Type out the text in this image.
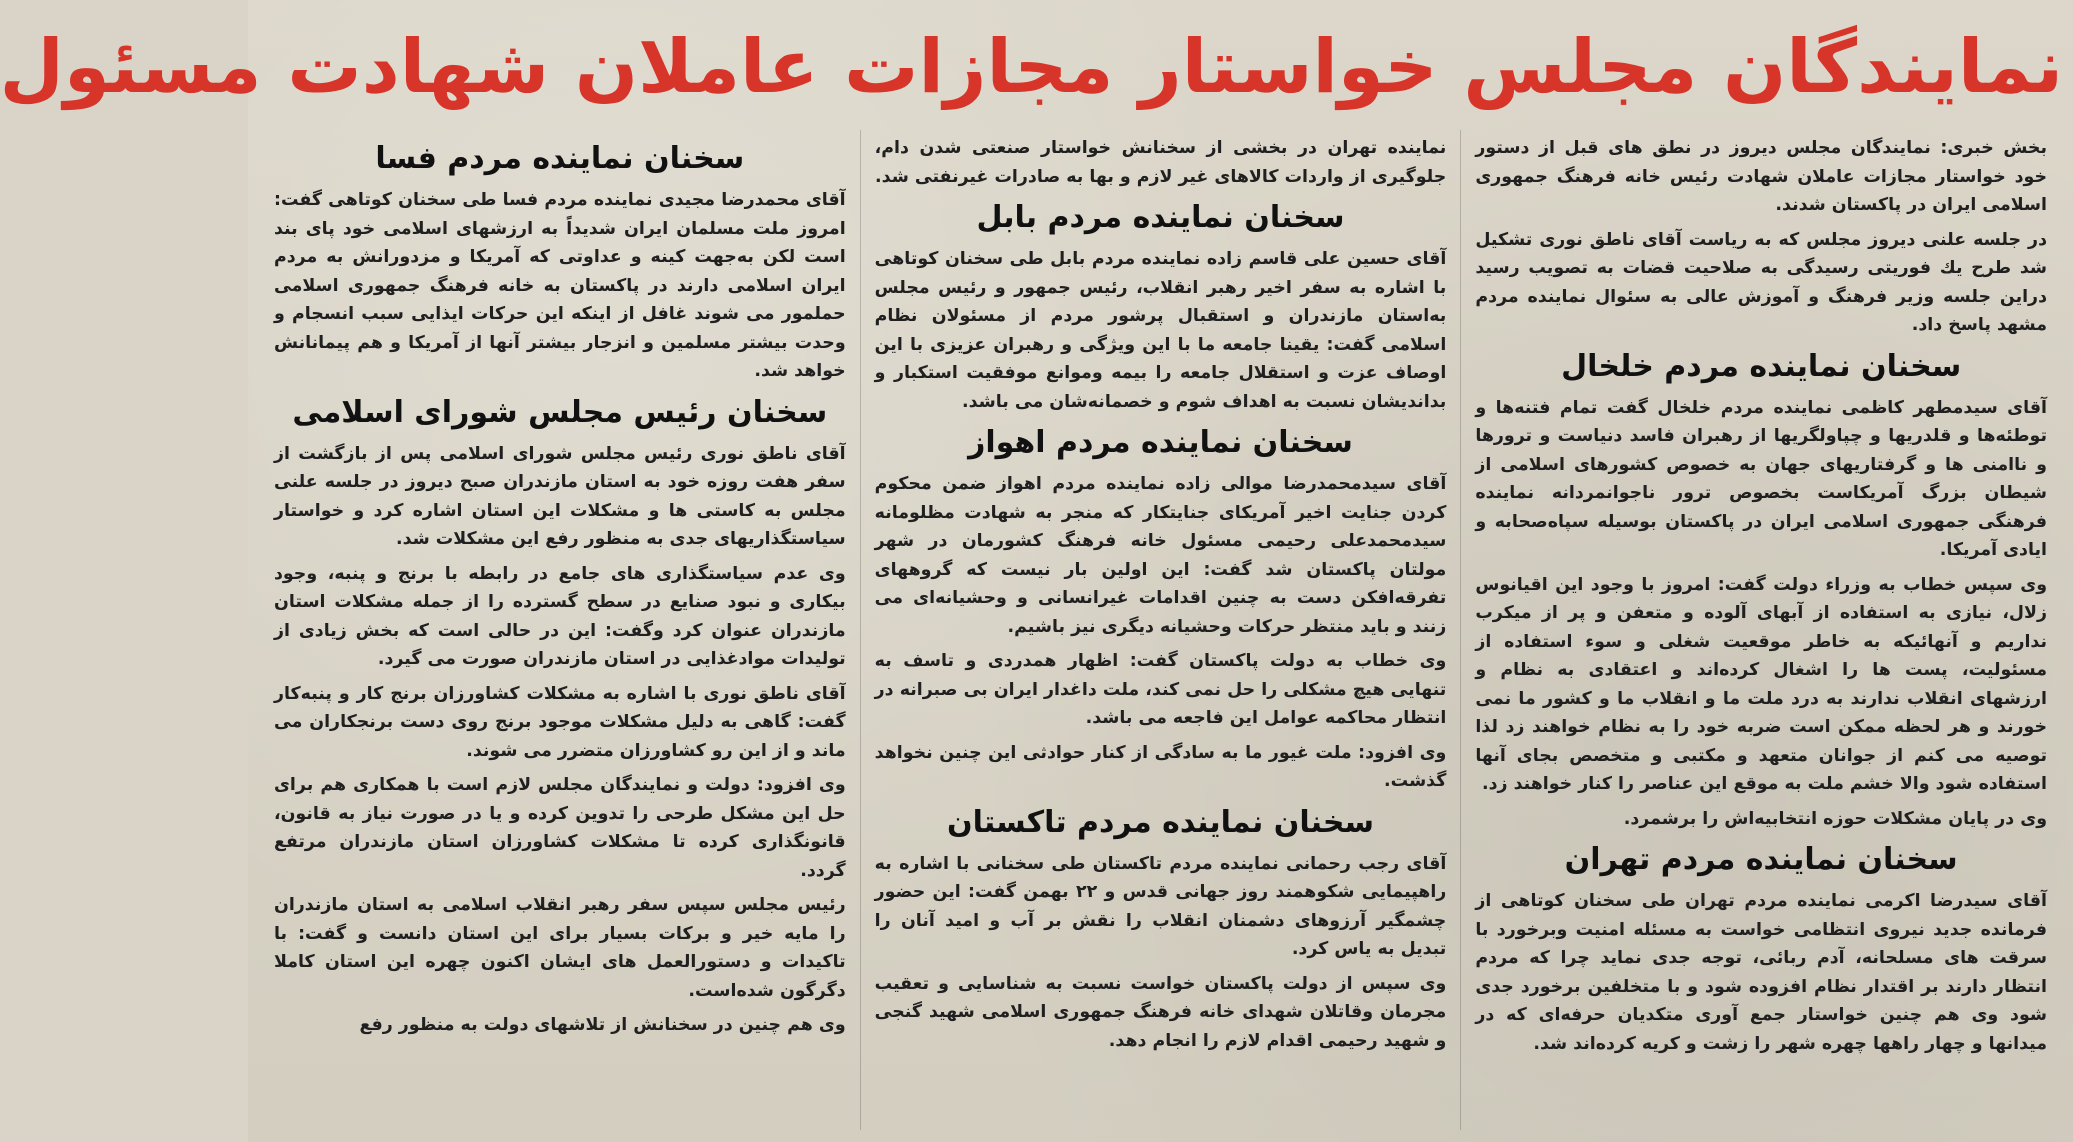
نمایندگان مجلس خواستار مجازات عاملان شهادت مسئول

بخش خبری: نمایندگان مجلس دیروز در نطق های قبل از دستور خود خواستار مجازات عاملان شهادت رئیس خانه فرهنگ جمهوری اسلامی ایران در پاکستان شدند.

در جلسه علنی دیروز مجلس که به ریاست آقای ناطق نوری تشکیل شد طرح یك فوریتی رسیدگی به صلاحیت قضات به تصویب رسید دراین جلسه وزیر فرهنگ و آموزش عالی به سئوال نماینده مردم مشهد پاسخ داد.

سخنان نماینده مردم خلخال

آقای سیدمطهر کاظمی نماینده مردم خلخال گفت تمام فتنه‌ها و توطئه‌ها و قلدریها و چپاولگریها از رهبران فاسد دنیاست و ترورها و ناامنی ها و گرفتاریهای جهان به خصوص کشورهای اسلامی از شیطان بزرگ آمریکاست بخصوص ترور ناجوانمردانه نماینده فرهنگی جمهوری اسلامی ایران در پاکستان بوسیله سپاه‌صحابه و ایادی آمریکا.

وی سپس خطاب به وزراء دولت گفت: امروز با وجود این اقیانوس زلال، نیازی به استفاده از آبهای آلوده و متعفن و پر از میکرب نداریم و آنهائیکه به خاطر موقعیت شغلی و سوء استفاده از مسئولیت، پست ها را اشغال کرده‌اند و اعتقادی به نظام و ارزشهای انقلاب ندارند به درد ملت ما و انقلاب ما و کشور ما نمی خورند و هر لحظه ممکن است ضربه خود را به نظام خواهند زد لذا توصیه می کنم از جوانان متعهد و مکتبی و متخصص بجای آنها استفاده شود والا خشم ملت به موقع این عناصر را کنار خواهند زد.

وی در پایان مشکلات حوزه انتخابیه‌اش را برشمرد.

سخنان نماینده مردم تهران

آقای سیدرضا اکرمی نماینده مردم تهران طی سخنان کوتاهی از فرمانده جدید نیروی انتظامی خواست به مسئله امنیت وبرخورد با سرقت های مسلحانه، آدم ربائی، توجه جدی نماید چرا که مردم انتظار دارند بر اقتدار نظام افزوده شود و با متخلفین برخورد جدی شود وی هم چنین خواستار جمع آوری متکدیان حرفه‌ای که در میدانها و چهار راهها چهره شهر را زشت و کریه کرده‌اند شد.

نماینده تهران در بخشی از سخنانش خواستار صنعتی شدن دام، جلوگیری از واردات کالاهای غیر لازم و بها به صادرات غیرنفتی شد.

سخنان نماینده مردم بابل

آقای حسین علی قاسم زاده نماینده مردم بابل طی سخنان کوتاهی با اشاره به سفر اخیر رهبر انقلاب، رئیس جمهور و رئیس مجلس به‌استان مازندران و استقبال پرشور مردم از مسئولان نظام اسلامی گفت: یقینا جامعه ما با این ویژگی و رهبران عزیزی با این اوصاف عزت و استقلال جامعه را بیمه وموانع موفقیت استکبار و بدانديشان نسبت به اهداف شوم و خصمانه‌شان می باشد.

سخنان نماینده مردم اهواز

آقای سیدمحمدرضا موالی زاده نماینده مردم اهواز ضمن محکوم کردن جنایت اخیر آمریکای جنایتکار که منجر به شهادت مظلومانه سیدمحمدعلی رحیمی مسئول خانه فرهنگ کشورمان در شهر مولتان پاکستان شد گفت: این اولین بار نیست که گروههای تفرقه‌افکن دست به چنین اقدامات غیرانسانی و وحشیانه‌ای می زنند و باید منتظر حرکات وحشیانه دیگری نیز باشیم.

وی خطاب به دولت پاکستان گفت: اظهار همدردی و تاسف به تنهایی هیچ مشکلی را حل نمی کند، ملت داغدار ایران بی صبرانه در انتظار محاکمه عوامل این فاجعه می باشد.

وی افزود: ملت غیور ما به سادگی از کنار حوادثی این چنین نخواهد گذشت.

سخنان نماینده مردم تاکستان

آقای رجب رحمانی نماینده مردم تاکستان طی سخنانی با اشاره به راهپیمایی شکوهمند روز جهانی قدس و ۲۲ بهمن گفت: این حضور چشمگیر آرزوهای دشمنان انقلاب را نقش بر آب و امید آنان را تبدیل به یاس کرد.

وی سپس از دولت پاکستان خواست نسبت به شناسایی و تعقیب مجرمان وقاتلان شهدای خانه فرهنگ جمهوری اسلامی شهید گنجی و شهید رحیمی اقدام لازم را انجام دهد.

سخنان نماینده مردم فسا

آقای محمدرضا مجیدی نماینده مردم فسا طی سخنان کوتاهی گفت: امروز ملت مسلمان ایران شدیداً به ارزشهای اسلامی خود پای بند است لکن به‌جهت کینه و عداوتی که آمریکا و مزدورانش به مردم ایران اسلامی دارند در پاکستان به خانه فرهنگ جمهوری اسلامی حملمور می شوند غافل از اینکه این حرکات ایذایی سبب انسجام و وحدت بیشتر مسلمین و انزجار بیشتر آنها از آمریکا و هم پیمانانش خواهد شد.

سخنان رئیس مجلس شورای اسلامی

آقای ناطق نوری رئیس مجلس شورای اسلامی پس از بازگشت از سفر هفت روزه خود به استان مازندران صبح دیروز در جلسه علنی مجلس به کاستی ها و مشکلات این استان اشاره کرد و خواستار سیاستگذاریهای جدی به منظور رفع این مشکلات شد.

وی عدم سیاستگذاری های جامع در رابطه با برنج و پنبه، وجود بیکاری و نبود صنایع در سطح گسترده را از جمله مشکلات استان مازندران عنوان کرد وگفت: این در حالی است که بخش زیادی از تولیدات موادغذایی در استان مازندران صورت می گیرد.

آقای ناطق نوری با اشاره به مشکلات کشاورزان برنج کار و پنبه‌کار گفت: گاهی به دلیل مشکلات موجود برنج روی دست برنجکاران می ماند و از این رو کشاورزان متضرر می شوند.

وی افزود: دولت و نمایندگان مجلس لازم است با همکاری هم برای حل این مشکل طرحی را تدوین کرده و یا در صورت نیاز به قانون، قانونگذاری کرده تا مشکلات کشاورزان استان مازندران مرتفع گردد.

رئیس مجلس سپس سفر رهبر انقلاب اسلامی به استان مازندران را مایه خیر و برکات بسیار برای این استان دانست و گفت: با تاکیدات و دستورالعمل های ایشان اکنون چهره این استان کاملا دگرگون شده‌است.

وی هم چنین در سخنانش از تلاشهای دولت به منظور رفع
